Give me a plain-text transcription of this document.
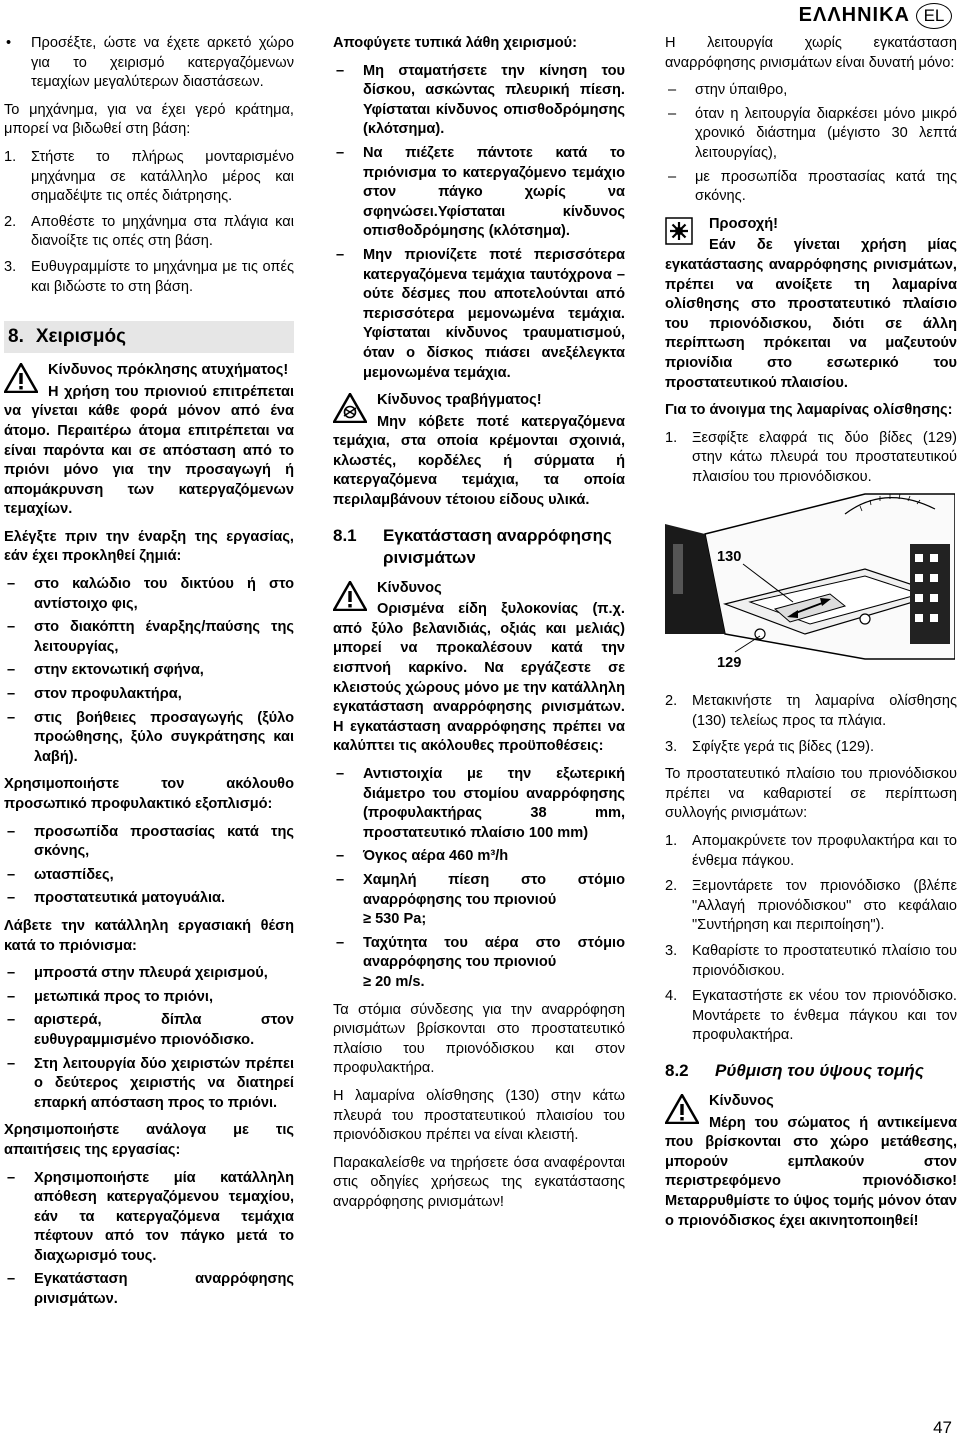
ΕΛΛΗΝΙΚΑ EL
• Προσέξτε, ώστε να έχετε αρκετό χώρο για το χειρισμό κατεργαζόμενων τεμαχίων μεγαλύτερων διαστάσεων.

Το μηχάνημα, για να έχει γερό κράτημα, μπορεί να βιδωθεί στη βάση:

1. Στήστε το πλήρως μονταρισμένο μηχάνημα σε κατάλληλο μέρος και σημαδέψτε τις οπές διάτρησης.
2. Αποθέστε το μηχάνημα στα πλάγια και διανοίξτε τις οπές στη βάση.
3. Ευθυγραμμίστε το μηχάνημα με τις οπές και βιδώστε το στη βάση.
8. Χειρισμός
Κίνδυνος πρόκλησης ατυχήματος!

Η χρήση του πριονιού επιτρέπεται να γίνεται κάθε φορά μόνον από ένα άτομο. Περαιτέρω άτομα επιτρέπεται να είναι παρόντα και σε απόσταση από το πριόνι μόνο για την προσαγωγή ή απομάκρυνση των κατεργαζόμενων τεμαχίων.

Ελέγξτε πριν την έναρξη της εργασίας, εάν έχει προκληθεί ζημιά:

– στο καλώδιο του δικτύου ή στο αντίστοιχο φις,
– στο διακόπτη έναρξης/παύσης της λειτουργίας,
– στην εκτονωτική σφήνα,
– στον προφυλακτήρα,
– στις βοήθειες προσαγωγής (ξύλο προώθησης, ξύλο συγκράτησης και λαβή).

Χρησιμοποιήστε τον ακόλουθο προσωπικό προφυλακτικό εξοπλισμό:

– προσωπίδα προστασίας κατά της σκόνης,
– ωτασπίδες,
– προστατευτικά ματογυάλια.

Λάβετε την κατάλληλη εργασιακή θέση κατά το πριόνισμα:

– μπροστά στην πλευρά χειρισμού,
– μετωπικά προς το πριόνι,
– αριστερά, δίπλα στον ευθυγραμμισμένο πριονόδισκο.
– Στη λειτουργία δύο χειριστών πρέπει ο δεύτερος χειριστής να διατηρεί επαρκή απόσταση προς το πριόνι.

Χρησιμοποιήστε ανάλογα με τις απαιτήσεις της εργασίας:

– Χρησιμοποιήστε μία κατάλληλη απόθεση κατεργαζόμενου τεμαχίου, εάν τα κατεργαζόμενα τεμάχια πέφτουν από τον πάγκο μετά το διαχωρισμό τους.
– Εγκατάσταση αναρρόφησης ρινισμάτων.

Αποφύγετε τυπικά λάθη χειρισμού:

– Μη σταματήσετε την κίνηση του δίσκου, ασκώντας πλευρική πίεση. Υφίσταται κίνδυνος οπισθοδρόμησης (κλότσημα).
– Να πιέζετε πάντοτε κατά το πριόνισμα το κατεργαζόμενο τεμάχιο στον πάγκο χωρίς να σφηνώσει.Υφίσταται κίνδυνος οπισθοδρόμησης (κλότσημα).
– Μην πριονίζετε ποτέ περισσότερα κατεργαζόμενα τεμάχια ταυτόχρονα – ούτε δέσμες που αποτελούνται από περισσότερα μεμονωμένα τεμάχια. Υφίσταται κίνδυνος τραυματισμού, όταν ο δίσκος πιάσει ανεξέλεγκτα μεμονωμένα τεμάχια.
Κίνδυνος τραβήγματος!

Μην κόβετε ποτέ κατεργαζόμενα τεμάχια, στα οποία κρέμονται σχοινιά, κλωστές, κορδέλες ή σύρματα ή κατεργαζόμενα τεμάχια, τα οποία περιλαμβάνουν τέτοιου είδους υλικά.

8.1	Εγκατάσταση αναρρόφησης ρινισμάτων
Κίνδυνος

Ορισμένα είδη ξυλοκονίας (π.χ. από ξύλο βελανιδιάς, οξιάς και μελιάς) μπορεί να προκαλέσουν κατά την εισπνοή καρκίνο. Να εργάζεστε σε κλειστούς χώρους μόνο με την κατάλληλη εγκατάσταση αναρρόφησης ρινισμάτων. Η εγκατάσταση αναρρόφησης πρέπει να καλύπτει τις ακόλουθες προϋποθέσεις:

– Αντιστοιχία με την εξωτερική διάμετρο του στομίου αναρρόφησης (προφυλακτήρας 38 mm, προστατευτικό πλαίσιο 100 mm)
– Όγκος αέρα 460 m³/h
– Χαμηλή πίεση στο στόμιο αναρρόφησης του πριονιού
≥ 530 Pa;
– Ταχύτητα του αέρα στο στόμιο αναρρόφησης του πριονιού
≥ 20 m/s.

Τα στόμια σύνδεσης για την αναρρόφηση ρινισμάτων βρίσκονται στο προστατευτικό πλαίσιο του πριονόδισκου και στον προφυλακτήρα.

Η λαμαρίνα ολίσθησης (130) στην κάτω πλευρά του προστατευτικού πλαισίου του πριονόδισκου πρέπει να είναι κλειστή.

Παρακαλείσθε να τηρήσετε όσα αναφέρονται στις οδηγίες χρήσεως της εγκατάστασης αναρρόφησης ρινισμάτων!

Η λειτουργία χωρίς εγκατάσταση αναρρόφησης ρινισμάτων είναι δυνατή μόνο:

– στην ύπαιθρο,
– όταν η λειτουργία διαρκέσει μόνο μικρό χρονικό διάστημα (μέγιστο 30 λεπτά λειτουργίας),
– με προσωπίδα προστασίας κατά της σκόνης.
Προσοχή!

Εάν δε γίνεται χρήση μίας εγκατάστασης αναρρόφησης ρινισμάτων, πρέπει να ανοίξετε τη λαμαρίνα ολίσθησης στο προστατευτικό πλαίσιο του πριονόδισκου, διότι σε άλλη περίπτωση πρόκειται να μαζευτούν πριονίδια στο εσωτερικό του προστατευτικού πλαισίου.

Για το άνοιγμα της λαμαρίνας ολίσθησης:

1. Ξεσφίξτε ελαφρά τις δύο βίδες (129) στην κάτω πλευρά του προστατευτικού πλαισίου του πριονόδισκου.
130
129
2. Μετακινήστε τη λαμαρίνα ολίσθησης (130) τελείως προς τα πλάγια.
3. Σφίγξτε γερά τις βίδες (129).

Το προστατευτικό πλαίσιο του πριονόδισκου πρέπει να καθαριστεί σε περίπτωση συλλογής ρινισμάτων:

1. Απομακρύνετε τον προφυλακτήρα και το ένθεμα πάγκου.
2. Ξεμοντάρετε τον πριονόδισκο (βλέπε "Αλλαγή πριονόδισκου" στο κεφάλαιο "Συντήρηση και περιποίηση").
3. Καθαρίστε το προστατευτικό πλαίσιο του πριονόδισκου.
4. Εγκαταστήστε εκ νέου τον πριονόδισκο. Μοντάρετε το ένθεμα πάγκου και τον προφυλακτήρα.
8.2	Ρύθμιση του ύψους τομής
Κίνδυνος

Μέρη του σώματος ή αντικείμενα που βρίσκονται στο χώρο μετάθεσης, μπορούν εμπλακούν στον περιστρεφόμενο πριονόδισκο! Μεταρρυθμίστε το ύψος τομής μόνον όταν ο πριονόδισκος έχει ακινητοποιηθεί!

47
